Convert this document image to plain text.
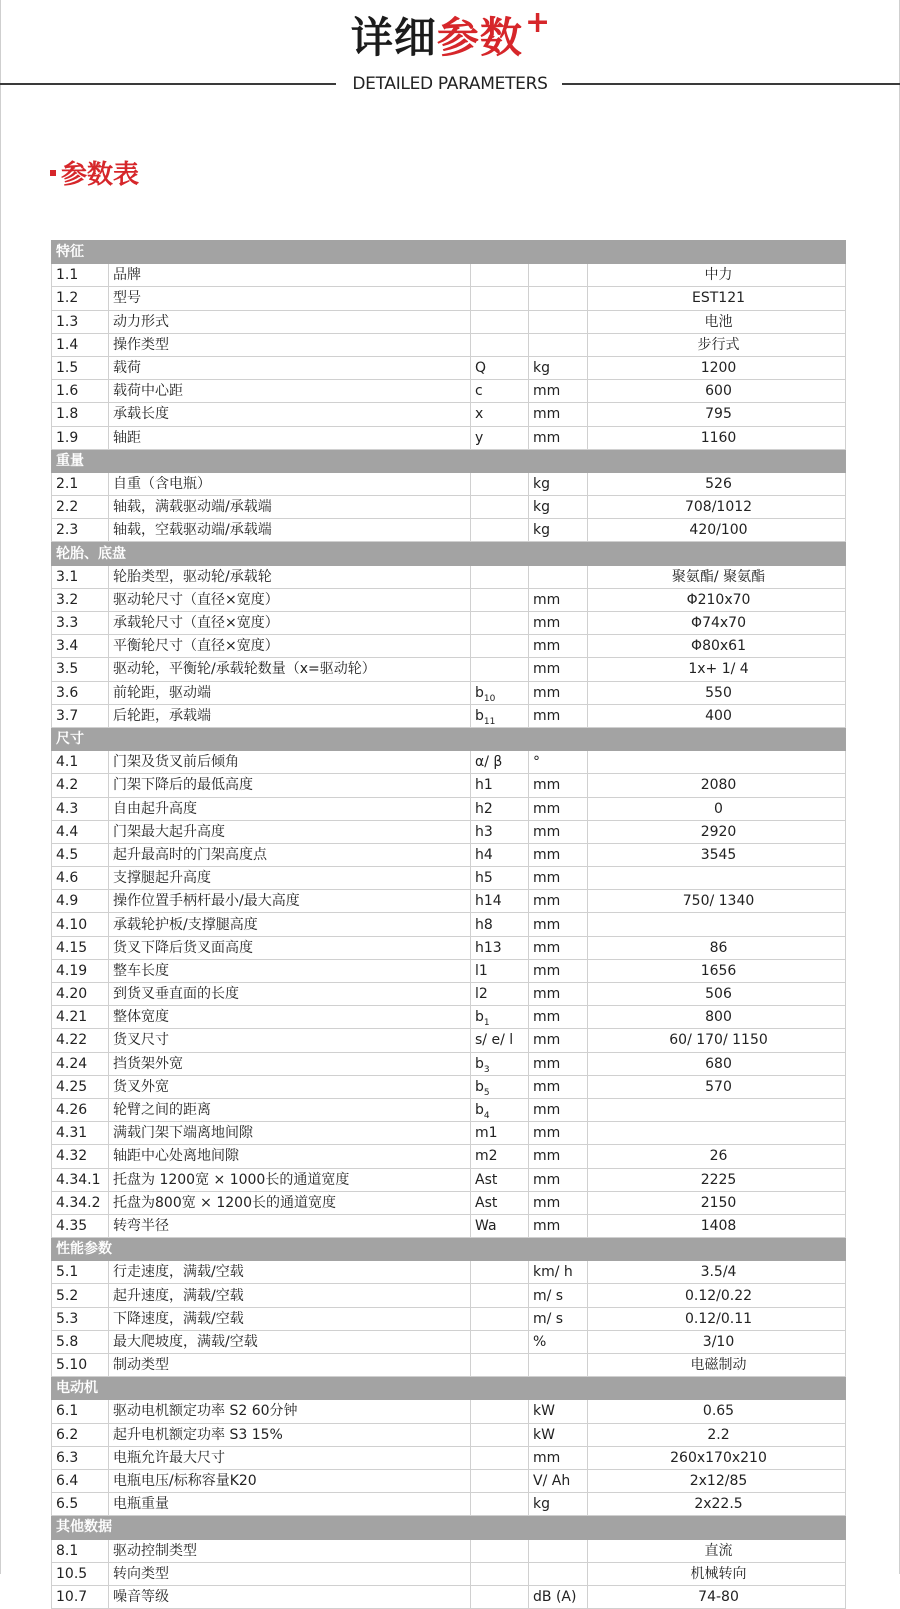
详细参数+
DETAILED PARAMETERS
参数表
特征				
1.1	品牌			中力
1.2	型号			EST121
1.3	动力形式			电池
1.4	操作类型			步行式
1.5	载荷	Q	kg	1200
1.6	载荷中心距	c	mm	600
1.8	承载长度	x	mm	795
1.9	轴距	y	mm	1160
重量				
2.1	自重（含电瓶）		kg	526
2.2	轴载，满载驱动端/承载端		kg	708/1012
2.3	轴载，空载驱动端/承载端		kg	420/100
轮胎、底盘				
3.1	轮胎类型，驱动轮/承载轮			聚氨酯/ 聚氨酯
3.2	驱动轮尺寸（直径×宽度）		mm	Φ210x70
3.3	承载轮尺寸（直径×宽度）		mm	Φ74x70
3.4	平衡轮尺寸（直径×宽度）		mm	Φ80x61
3.5	驱动轮，平衡轮/承载轮数量（x=驱动轮）		mm	1x+ 1/ 4
3.6	前轮距，驱动端	$b_{10}$	mm	550
3.7	后轮距，承载端	$b_{11}$	mm	400
尺寸				
4.1	门架及货叉前后倾角	α/ β	°	
4.2	门架下降后的最低高度	h1	mm	2080
4.3	自由起升高度	h2	mm	0
4.4	门架最大起升高度	h3	mm	2920
4.5	起升最高时的门架高度点	h4	mm	3545
4.6	支撑腿起升高度	h5	mm	
4.9	操作位置手柄杆最小/最大高度	h14	mm	750/ 1340
4.10	承载轮护板/支撑腿高度	h8	mm	
4.15	货叉下降后货叉面高度	h13	mm	86
4.19	整车长度	l1	mm	1656
4.20	到货叉垂直面的长度	l2	mm	506
4.21	整体宽度	$b_1$	mm	800
4.22	货叉尺寸	s/ e/ l	mm	60/ 170/ 1150
4.24	挡货架外宽	$b_3$	mm	680
4.25	货叉外宽	$b_5$	mm	570
4.26	轮臂之间的距离	$b_4$	mm	
4.31	满载门架下端离地间隙	m1	mm	
4.32	轴距中心处离地间隙	m2	mm	26
4.34.1	托盘为 1200宽 × 1000长的通道宽度	Ast	mm	2225
4.34.2	托盘为800宽 × 1200长的通道宽度	Ast	mm	2150
4.35	转弯半径	Wa	mm	1408
性能参数				
5.1	行走速度，满载/空载		km/ h	3.5/4
5.2	起升速度，满载/空载		m/ s	0.12/0.22
5.3	下降速度，满载/空载		m/ s	0.12/0.11
5.8	最大爬坡度，满载/空载		%	3/10
5.10	制动类型			电磁制动
电动机				
6.1	驱动电机额定功率 S2 60分钟		kW	0.65
6.2	起升电机额定功率 S3 15%		kW	2.2
6.3	电瓶允许最大尺寸		mm	260x170x210
6.4	电瓶电压/标称容量K20		V/ Ah	2x12/85
6.5	电瓶重量		kg	2x22.5
其他数据				
8.1	驱动控制类型			直流
10.5	转向类型			机械转向
10.7	噪音等级		dB (A)	74-80
